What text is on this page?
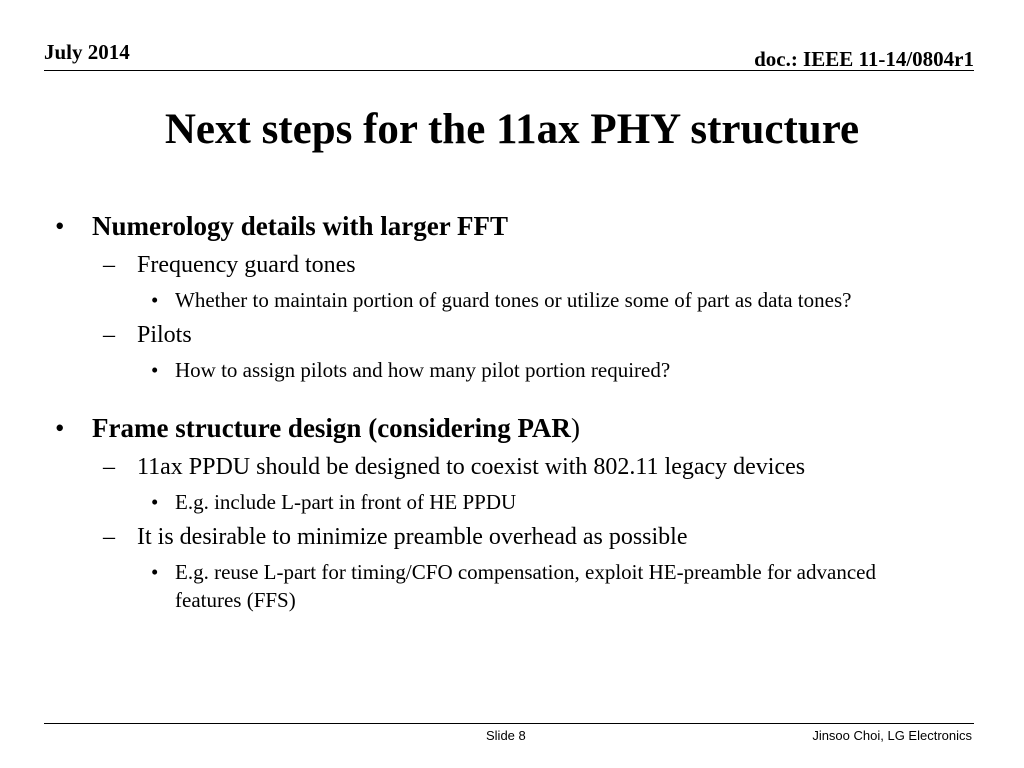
July 2014	doc.: IEEE 11-14/0804r1
Next steps for the 11ax PHY structure
• Numerology details with larger FFT
– Frequency guard tones
• Whether to maintain portion of guard tones or utilize some of part as data tones?
– Pilots
• How to assign pilots and how many pilot portion required?
• Frame structure design (considering PAR)
– 11ax PPDU should be designed to coexist with 802.11 legacy devices
• E.g. include L-part in front of HE PPDU
– It is desirable to minimize preamble overhead as possible
• E.g. reuse L-part for timing/CFO compensation, exploit HE-preamble for advanced features (FFS)
Slide 8	Jinsoo Choi, LG Electronics
